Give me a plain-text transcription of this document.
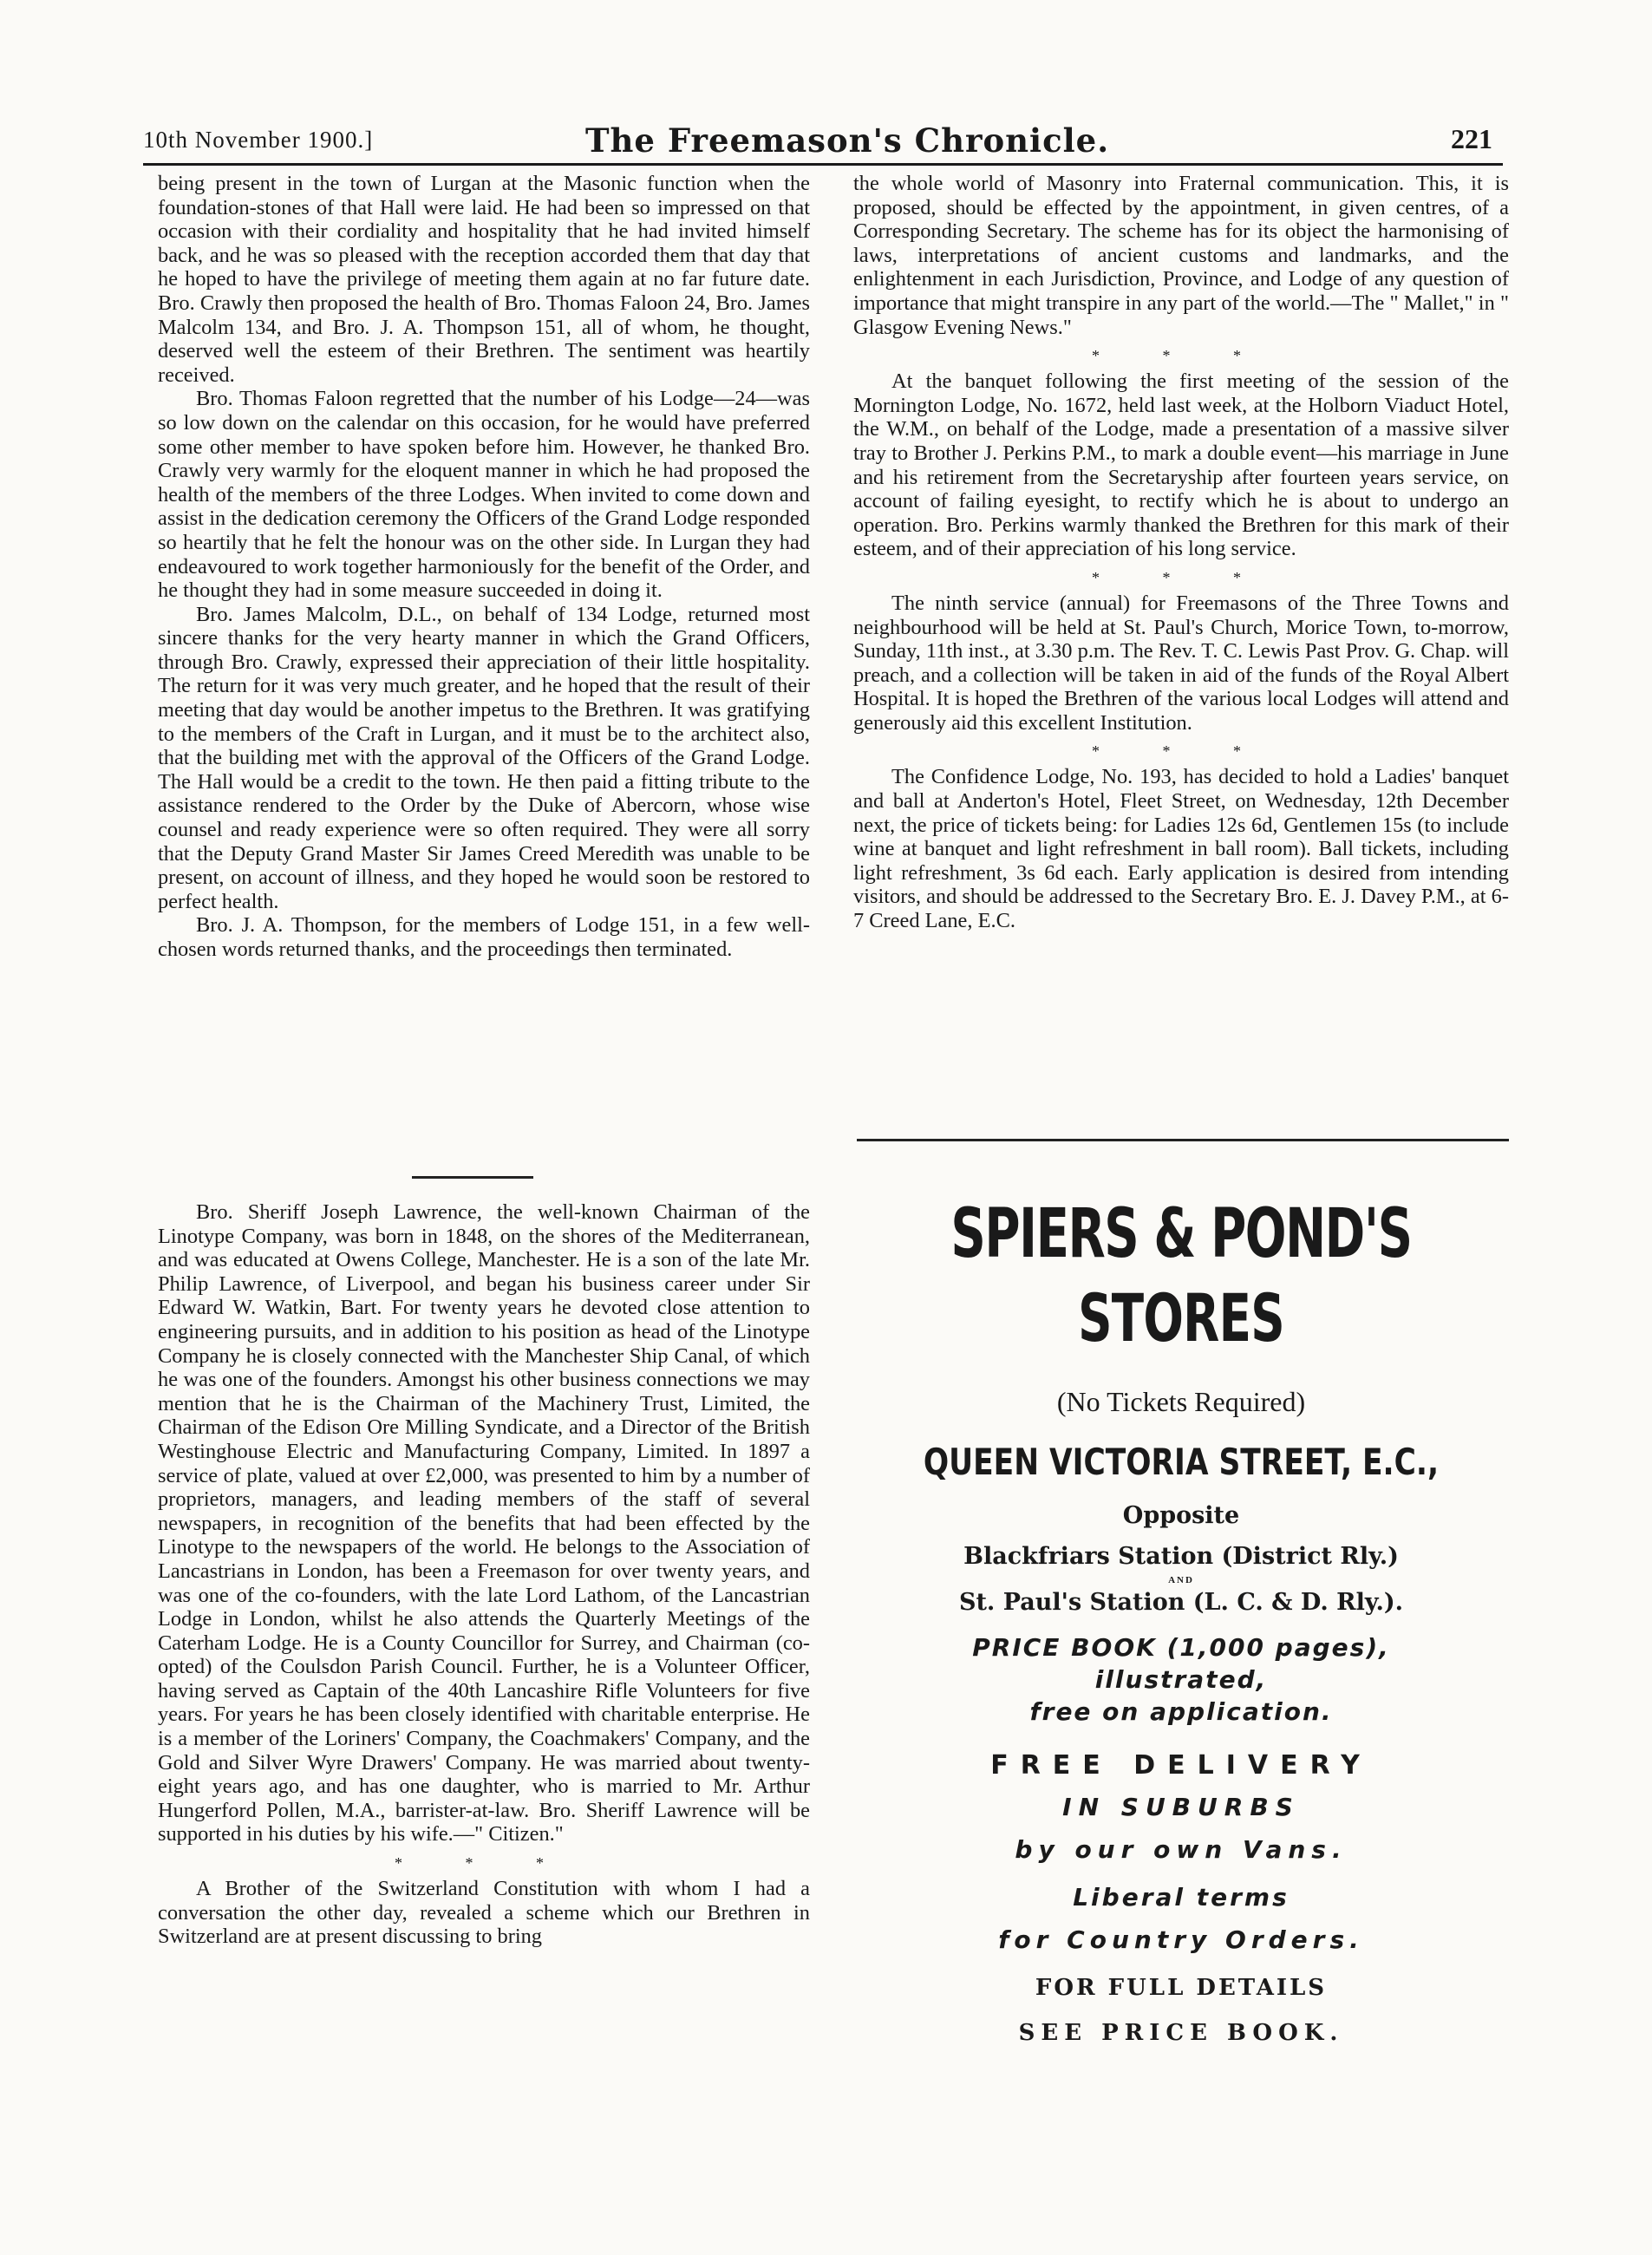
10th November 1900.]	The Freemason's Chronicle.	221

being present in the town of Lurgan at the Masonic function when the foundation-stones of that Hall were laid. He had been so impressed on that occasion with their cordiality and hospitality that he had invited himself back, and he was so pleased with the reception accorded them that day that he hoped to have the privilege of meeting them again at no far future date. Bro. Crawly then proposed the health of Bro. Thomas Faloon 24, Bro. James Malcolm 134, and Bro. J. A. Thompson 151, all of whom, he thought, deserved well the esteem of their Brethren. The sentiment was heartily received.

Bro. Thomas Faloon regretted that the number of his Lodge—24—was so low down on the calendar on this occasion, for he would have preferred some other member to have spoken before him. However, he thanked Bro. Crawly very warmly for the eloquent manner in which he had proposed the health of the members of the three Lodges. When invited to come down and assist in the dedication ceremony the Officers of the Grand Lodge responded so heartily that he felt the honour was on the other side. In Lurgan they had endeavoured to work together harmoniously for the benefit of the Order, and he thought they had in some measure succeeded in doing it.

Bro. James Malcolm, D.L., on behalf of 134 Lodge, returned most sincere thanks for the very hearty manner in which the Grand Officers, through Bro. Crawly, expressed their appreciation of their little hospitality. The return for it was very much greater, and he hoped that the result of their meeting that day would be another impetus to the Brethren. It was gratifying to the members of the Craft in Lurgan, and it must be to the architect also, that the building met with the approval of the Officers of the Grand Lodge. The Hall would be a credit to the town. He then paid a fitting tribute to the assistance rendered to the Order by the Duke of Abercorn, whose wise counsel and ready experience were so often required. They were all sorry that the Deputy Grand Master Sir James Creed Meredith was unable to be present, on account of illness, and they hoped he would soon be restored to perfect health.

Bro. J. A. Thompson, for the members of Lodge 151, in a few well-chosen words returned thanks, and the proceedings then terminated.

Bro. Sheriff Joseph Lawrence, the well-known Chairman of the Linotype Company, was born in 1848, on the shores of the Mediterranean, and was educated at Owens College, Manchester. He is a son of the late Mr. Philip Lawrence, of Liverpool, and began his business career under Sir Edward W. Watkin, Bart. For twenty years he devoted close attention to engineering pursuits, and in addition to his position as head of the Linotype Company he is closely connected with the Manchester Ship Canal, of which he was one of the founders. Amongst his other business connections we may mention that he is the Chairman of the Machinery Trust, Limited, the Chairman of the Edison Ore Milling Syndicate, and a Director of the British Westinghouse Electric and Manufacturing Company, Limited. In 1897 a service of plate, valued at over £2,000, was presented to him by a number of proprietors, managers, and leading members of the staff of several newspapers, in recognition of the benefits that had been effected by the Linotype to the newspapers of the world. He belongs to the Association of Lancastrians in London, has been a Freemason for over twenty years, and was one of the co-founders, with the late Lord Lathom, of the Lancastrian Lodge in London, whilst he also attends the Quarterly Meetings of the Caterham Lodge. He is a County Councillor for Surrey, and Chairman (co-opted) of the Coulsdon Parish Council. Further, he is a Volunteer Officer, having served as Captain of the 40th Lancashire Rifle Volunteers for five years. For years he has been closely identified with charitable enterprise. He is a member of the Loriners' Company, the Coachmakers' Company, and the Gold and Silver Wyre Drawers' Company. He was married about twenty-eight years ago, and has one daughter, who is married to Mr. Arthur Hungerford Pollen, M.A., barrister-at-law. Bro. Sheriff Lawrence will be supported in his duties by his wife.—" Citizen."

* * *

A Brother of the Switzerland Constitution with whom I had a conversation the other day, revealed a scheme which our Brethren in Switzerland are at present discussing to bring

the whole world of Masonry into Fraternal communication. This, it is proposed, should be effected by the appointment, in given centres, of a Corresponding Secretary. The scheme has for its object the harmonising of laws, interpretations of ancient customs and landmarks, and the enlightenment in each Jurisdiction, Province, and Lodge of any question of importance that might transpire in any part of the world.—The " Mallet," in " Glasgow Evening News."

* * *

At the banquet following the first meeting of the session of the Mornington Lodge, No. 1672, held last week, at the Holborn Viaduct Hotel, the W.M., on behalf of the Lodge, made a presentation of a massive silver tray to Brother J. Perkins P.M., to mark a double event—his marriage in June and his retirement from the Secretaryship after fourteen years service, on account of failing eyesight, to rectify which he is about to undergo an operation. Bro. Perkins warmly thanked the Brethren for this mark of their esteem, and of their appreciation of his long service.

* * *

The ninth service (annual) for Freemasons of the Three Towns and neighbourhood will be held at St. Paul's Church, Morice Town, to-morrow, Sunday, 11th inst., at 3.30 p.m. The Rev. T. C. Lewis Past Prov. G. Chap. will preach, and a collection will be taken in aid of the funds of the Royal Albert Hospital. It is hoped the Brethren of the various local Lodges will attend and generously aid this excellent Institution.

* * *

The Confidence Lodge, No. 193, has decided to hold a Ladies' banquet and ball at Anderton's Hotel, Fleet Street, on Wednesday, 12th December next, the price of tickets being: for Ladies 12s 6d, Gentlemen 15s (to include wine at banquet and light refreshment in ball room). Ball tickets, including light refreshment, 3s 6d each. Early application is desired from intending visitors, and should be addressed to the Secretary Bro. E. J. Davey P.M., at 6-7 Creed Lane, E.C.

SPIERS & POND'S
STORES
(No Tickets Required)
QUEEN VICTORIA STREET, E.C.,
Opposite
Blackfriars Station (District Rly.)
AND
St. Paul's Station (L. C. & D. Rly.).
PRICE BOOK (1,000 pages),
illustrated,
free on application.
FREE DELIVERY
IN SUBURBS
by our own Vans.
Liberal terms
for Country Orders.
FOR FULL DETAILS
SEE PRICE BOOK.
